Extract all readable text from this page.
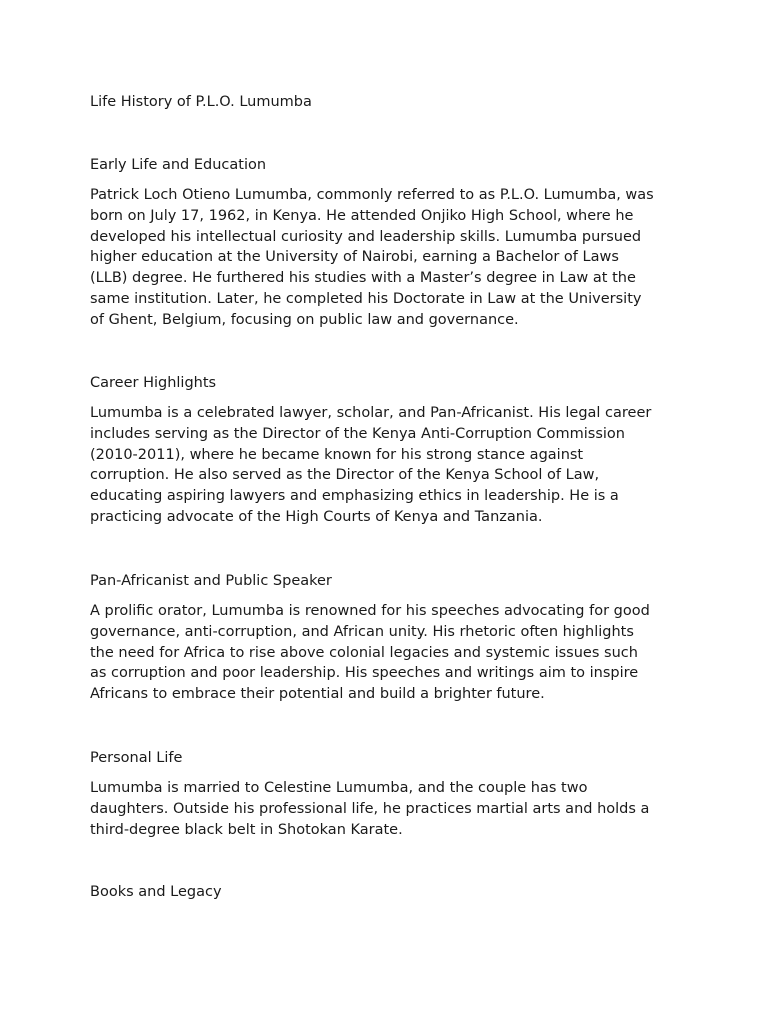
Life History of P.L.O. Lumumba
Early Life and Education

Patrick Loch Otieno Lumumba, commonly referred to as P.L.O. Lumumba, was
born on July 17, 1962, in Kenya. He attended Onjiko High School, where he
developed his intellectual curiosity and leadership skills. Lumumba pursued
higher education at the University of Nairobi, earning a Bachelor of Laws
(LLB) degree. He furthered his studies with a Master’s degree in Law at the
same institution. Later, he completed his Doctorate in Law at the University
of Ghent, Belgium, focusing on public law and governance.

Career Highlights

Lumumba is a celebrated lawyer, scholar, and Pan-Africanist. His legal career
includes serving as the Director of the Kenya Anti-Corruption Commission
(2010-2011), where he became known for his strong stance against
corruption. He also served as the Director of the Kenya School of Law,
educating aspiring lawyers and emphasizing ethics in leadership. He is a
practicing advocate of the High Courts of Kenya and Tanzania.

Pan-Africanist and Public Speaker

A prolific orator, Lumumba is renowned for his speeches advocating for good
governance, anti-corruption, and African unity. His rhetoric often highlights
the need for Africa to rise above colonial legacies and systemic issues such
as corruption and poor leadership. His speeches and writings aim to inspire
Africans to embrace their potential and build a brighter future.

Personal Life

Lumumba is married to Celestine Lumumba, and the couple has two
daughters. Outside his professional life, he practices martial arts and holds a
third-degree black belt in Shotokan Karate.

Books and Legacy
